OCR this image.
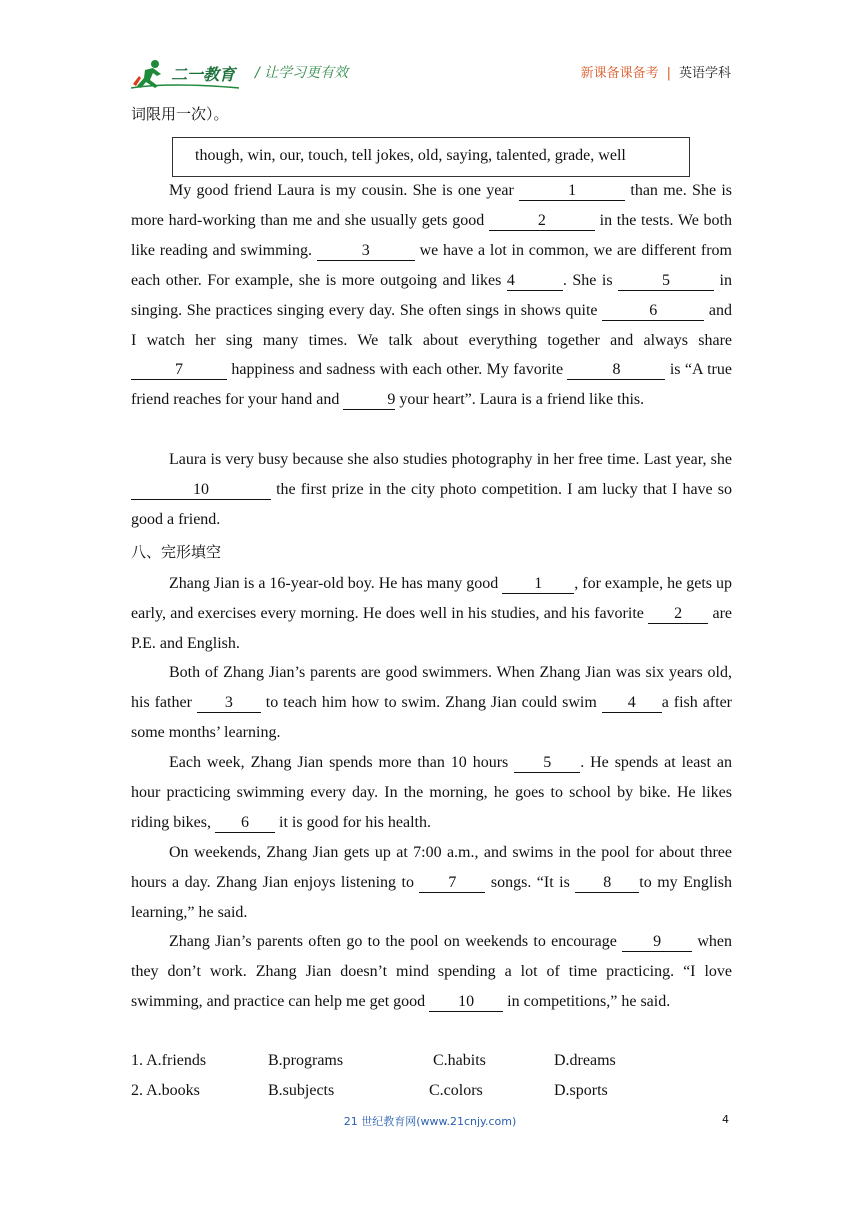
二一教育 / 让学习更有效	新课备课备考 | 英语学科
词限用一次）。
though, win, our, touch, tell jokes, old, saying, talented, grade, well
My good friend Laura is my cousin. She is one year	1	than me. She is more hard-working than me and she usually gets good	2	in the tests. We both like reading and swimming.	3	we have a lot in common, we are different from each other. For example, she is more outgoing and likes 4	. She is	5	in singing. She practices singing every day. She often sings in shows quite	6	and I watch her sing many times. We talk about everything together and always share 7	happiness and sadness with each other. My favorite	8	is “A true friend reaches for your hand and	9 your heart”. Laura is a friend like this.
Laura is very busy because she also studies photography in her free time. Last year, she 10	the first prize in the city photo competition. I am lucky that I have so good a friend.
八、完形填空
Zhang Jian is a 16-year-old boy. He has many good 1 , for example, he gets up early, and exercises every morning. He does well in his studies, and his favorite 2 are P.E. and English.
Both of Zhang Jian’s parents are good swimmers. When Zhang Jian was six years old, his father 3 to teach him how to swim. Zhang Jian could swim 4 a fish after some months’ learning.
Each week, Zhang Jian spends more than 10 hours 5 . He spends at least an hour practicing swimming every day. In the morning, he goes to school by bike. He likes riding bikes, 6 it is good for his health.
On weekends, Zhang Jian gets up at 7:00 a.m., and swims in the pool for about three hours a day. Zhang Jian enjoys listening to 7 songs. “It is 8 to my English learning,” he said.
Zhang Jian’s parents often go to the pool on weekends to encourage 9 when they don’t work. Zhang Jian doesn’t mind spending a lot of time practicing. “I love swimming, and practice can help me get good 10 in competitions,” he said.
1. A.friends	B.programs	C.habits	D.dreams
2. A.books	B.subjects	C.colors	D.sports
21 世纪教育网(www.21cnjy.com)	4
